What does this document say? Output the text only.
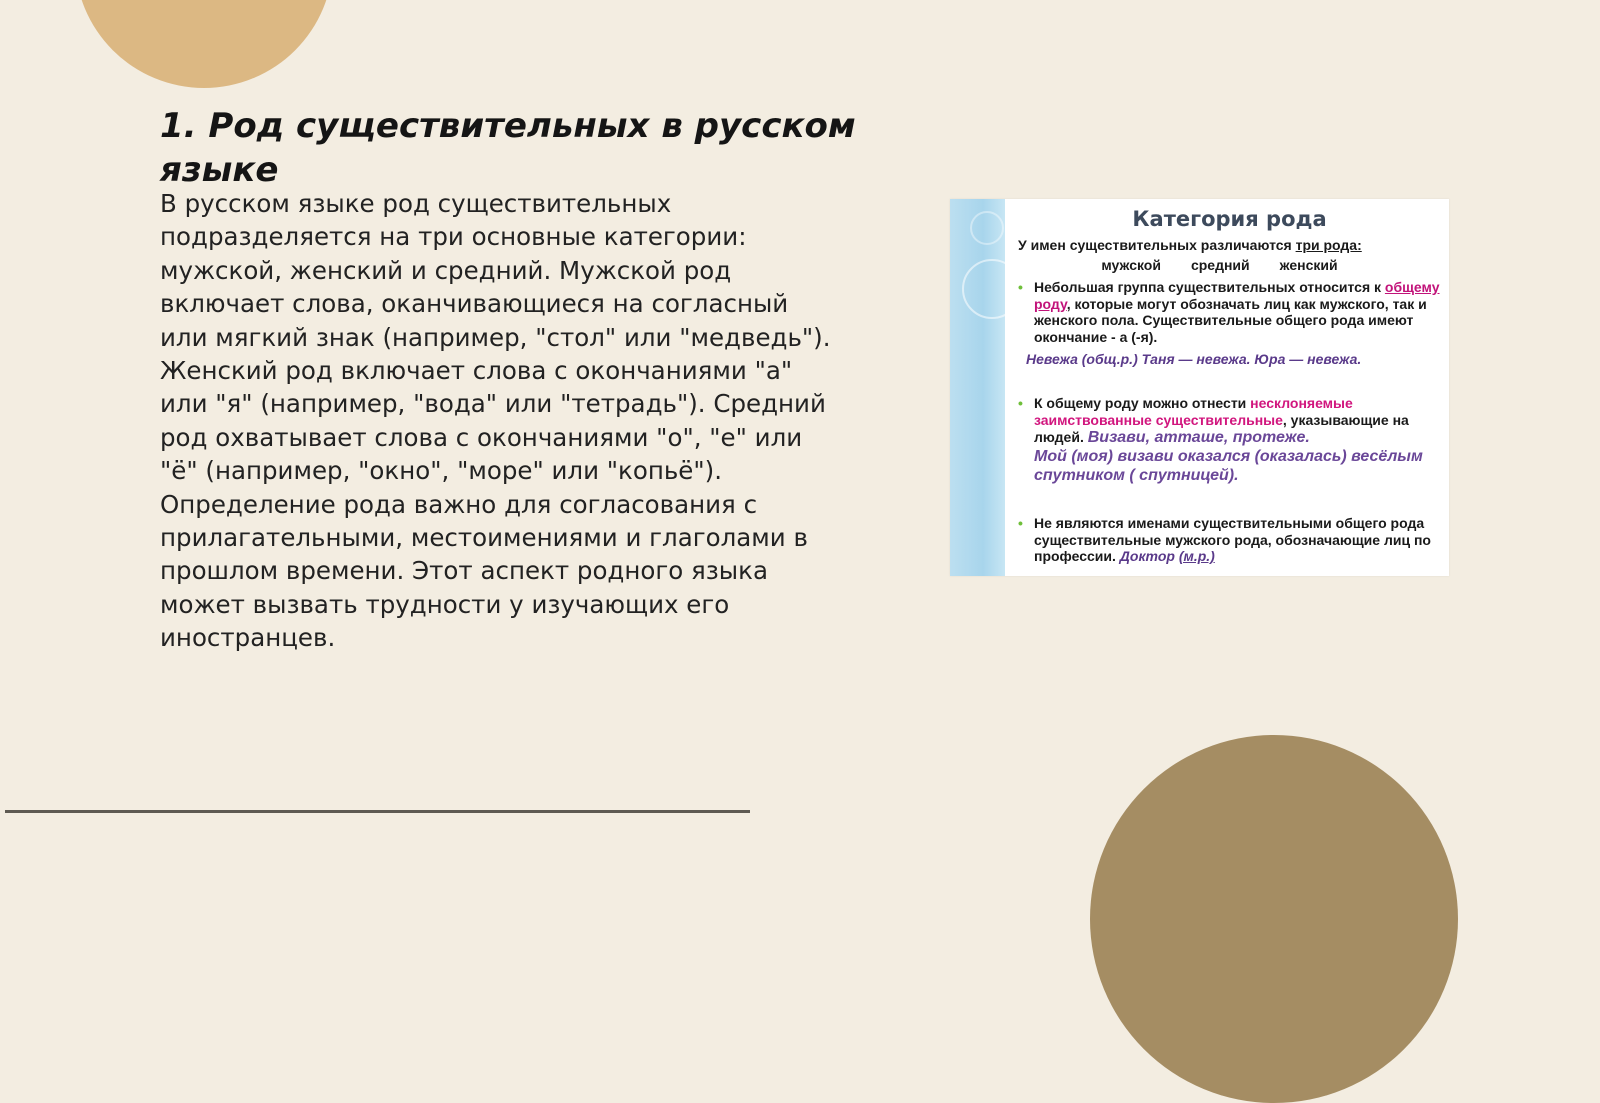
1. Род существительных в русском языке

В русском языке род существительных подразделяется на три основные категории: мужской, женский и средний. Мужской род включает слова, оканчивающиеся на согласный или мягкий знак (например, "стол" или "медведь"). Женский род включает слова с окончаниями "а" или "я" (например, "вода" или "тетрадь"). Средний род охватывает слова с окончаниями "о", "е" или "ё" (например, "окно", "море" или "копьё"). Определение рода важно для согласования с прилагательными, местоимениями и глаголами в прошлом времени. Этот аспект родного языка может вызвать трудности у изучающих его иностранцев.

Категория рода
У имен существительных различаются три рода:
мужской средний женский
• Небольшая группа существительных относится к общему роду, которые могут обозначать лиц как мужского, так и женского пола. Существительные общего рода имеют окончание - а (-я).
Невежа (общ.р.) Таня — невежа. Юра — невежа.
• К общему роду можно отнести несклоняемые заимствованные существительные, указывающие на людей. Визави, атташе, протеже.
Мой (моя) визави оказался (оказалась) весёлым спутником ( спутницей).
• Не являются именами существительными общего рода существительные мужского рода, обозначающие лиц по профессии. Доктор (м.р.)
